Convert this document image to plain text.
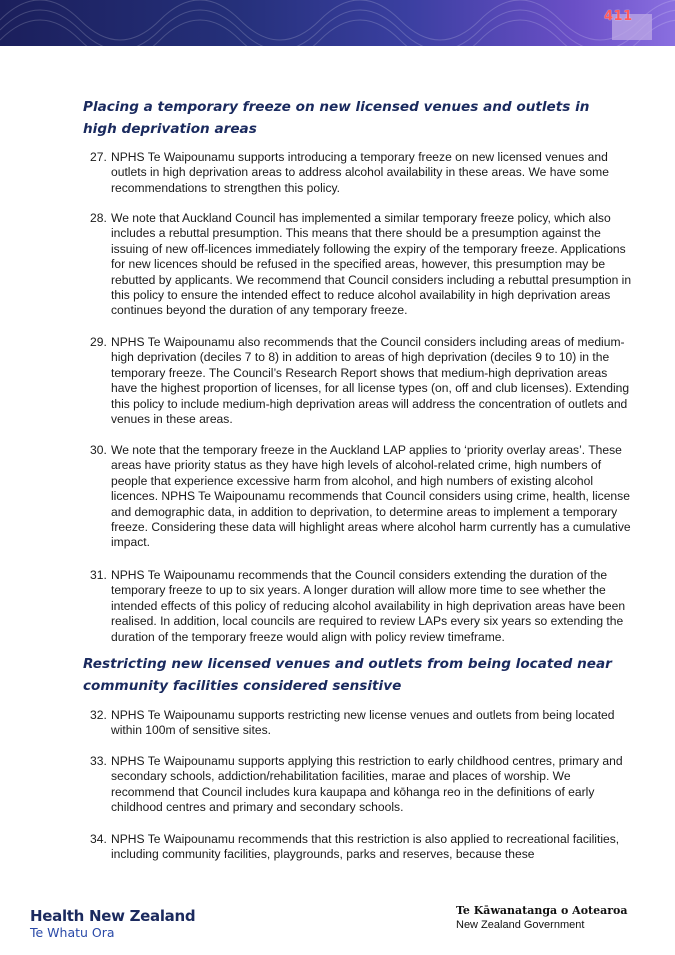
411
Placing a temporary freeze on new licensed venues and outlets in high deprivation areas
27. NPHS Te Waipounamu supports introducing a temporary freeze on new licensed venues and outlets in high deprivation areas to address alcohol availability in these areas. We have some recommendations to strengthen this policy.
28. We note that Auckland Council has implemented a similar temporary freeze policy, which also includes a rebuttal presumption. This means that there should be a presumption against the issuing of new off-licences immediately following the expiry of the temporary freeze. Applications for new licences should be refused in the specified areas, however, this presumption may be rebutted by applicants. We recommend that Council considers including a rebuttal presumption in this policy to ensure the intended effect to reduce alcohol availability in high deprivation areas continues beyond the duration of any temporary freeze.
29. NPHS Te Waipounamu also recommends that the Council considers including areas of medium-high deprivation (deciles 7 to 8) in addition to areas of high deprivation (deciles 9 to 10) in the temporary freeze. The Council’s Research Report shows that medium-high deprivation areas have the highest proportion of licenses, for all license types (on, off and club licenses). Extending this policy to include medium-high deprivation areas will address the concentration of outlets and venues in these areas.
30. We note that the temporary freeze in the Auckland LAP applies to ‘priority overlay areas’. These areas have priority status as they have high levels of alcohol-related crime, high numbers of people that experience excessive harm from alcohol, and high numbers of existing alcohol licences. NPHS Te Waipounamu recommends that Council considers using crime, health, license and demographic data, in addition to deprivation, to determine areas to implement a temporary freeze. Considering these data will highlight areas where alcohol harm currently has a cumulative impact.
31. NPHS Te Waipounamu recommends that the Council considers extending the duration of the temporary freeze to up to six years. A longer duration will allow more time to see whether the intended effects of this policy of reducing alcohol availability in high deprivation areas have been realised. In addition, local councils are required to review LAPs every six years so extending the duration of the temporary freeze would align with policy review timeframe.
Restricting new licensed venues and outlets from being located near community facilities considered sensitive
32. NPHS Te Waipounamu supports restricting new license venues and outlets from being located within 100m of sensitive sites.
33. NPHS Te Waipounamu supports applying this restriction to early childhood centres, primary and secondary schools, addiction/rehabilitation facilities, marae and places of worship. We recommend that Council includes kura kaupapa and kōhanga reo in the definitions of early childhood centres and primary and secondary schools.
34. NPHS Te Waipounamu recommends that this restriction is also applied to recreational facilities, including community facilities, playgrounds, parks and reserves, because these
Health New Zealand
Te Whatu Ora
Te Kāwanatanga o Aotearoa
New Zealand Government
